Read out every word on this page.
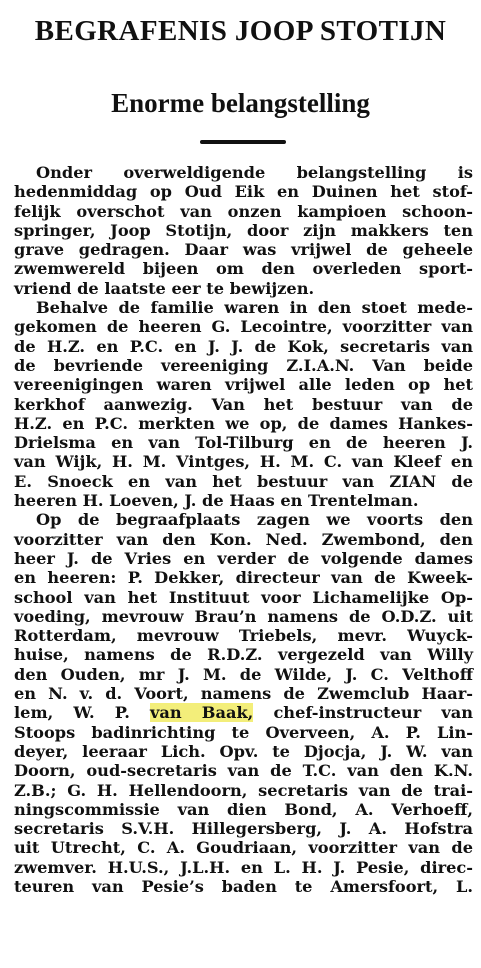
BEGRAFENIS JOOP STOTIJN
Enorme belangstelling
Onder overweldigende belangstelling is
hedenmiddag op Oud Eik en Duinen het stof-
felijk overschot van onzen kampioen schoon-
springer, Joop Stotijn, door zijn makkers ten
grave gedragen. Daar was vrijwel de geheele
zwemwereld bijeen om den overleden sport-
vriend de laatste eer te bewijzen.
Behalve de familie waren in den stoet mede-
gekomen de heeren G. Lecointre, voorzitter van
de H.Z. en P.C. en J. J. de Kok, secretaris van
de bevriende vereeniging Z.I.A.N. Van beide
vereenigingen waren vrijwel alle leden op het
kerkhof aanwezig. Van het bestuur van de
H.Z. en P.C. merkten we op, de dames Hankes-
Drielsma en van Tol-Tilburg en de heeren J.
van Wijk, H. M. Vintges, H. M. C. van Kleef en
E. Snoeck en van het bestuur van ZIAN de
heeren H. Loeven, J. de Haas en Trentelman.
Op de begraafplaats zagen we voorts den
voorzitter van den Kon. Ned. Zwembond, den
heer J. de Vries en verder de volgende dames
en heeren: P. Dekker, directeur van de Kweek-
school van het Instituut voor Lichamelijke Op-
voeding, mevrouw Brau’n namens de O.D.Z. uit
Rotterdam, mevrouw Triebels, mevr. Wuyck-
huise, namens de R.D.Z. vergezeld van Willy
den Ouden, mr J. M. de Wilde, J. C. Velthoff
en N. v. d. Voort, namens de Zwemclub Haar-
lem, W. P. van Baak, chef-instructeur van
Stoops badinrichting te Overveen, A. P. Lin-
deyer, leeraar Lich. Opv. te Djocja, J. W. van
Doorn, oud-secretaris van de T.C. van den K.N.
Z.B.; G. H. Hellendoorn, secretaris van de trai-
ningscommissie van dien Bond, A. Verhoeff,
secretaris S.V.H. Hillegersberg, J. A. Hofstra
uit Utrecht, C. A. Goudriaan, voorzitter van de
zwemver. H.U.S., J.L.H. en L. H. J. Pesie, direc-
teuren van Pesie’s baden te Amersfoort, L.
